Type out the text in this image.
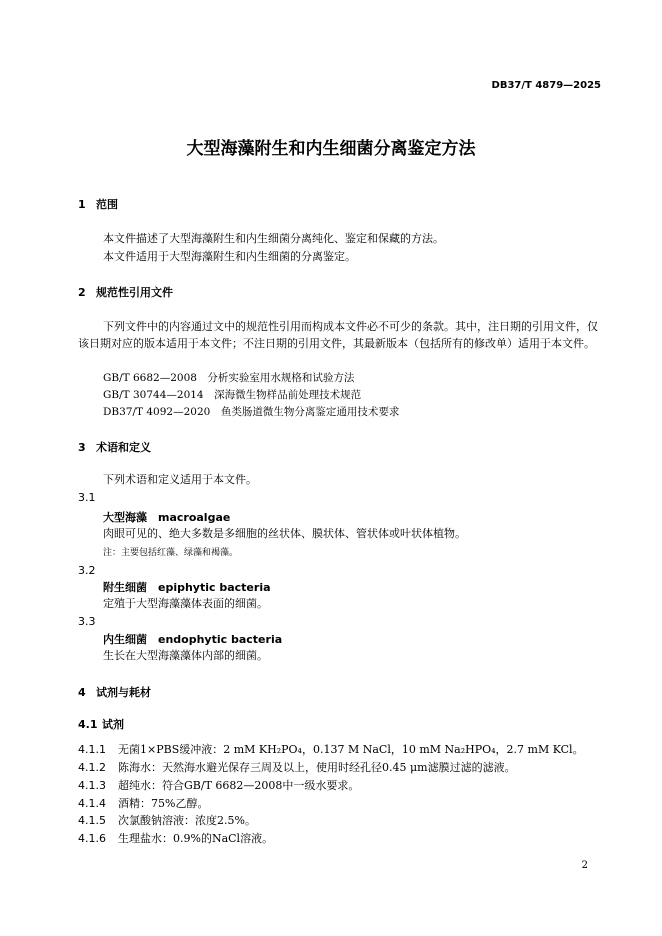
DB37/T 4879—2025
大型海藻附生和内生细菌分离鉴定方法
1 范围
本文件描述了大型海藻附生和内生细菌分离纯化、鉴定和保藏的方法。
本文件适用于大型海藻附生和内生细菌的分离鉴定。
2 规范性引用文件
下列文件中的内容通过文中的规范性引用而构成本文件必不可少的条款。其中，注日期的引用文件，仅该日期对应的版本适用于本文件；不注日期的引用文件，其最新版本（包括所有的修改单）适用于本文件。
GB/T 6682—2008　分析实验室用水规格和试验方法
GB/T 30744—2014　深海微生物样品前处理技术规范
DB37/T 4092—2020　鱼类肠道微生物分离鉴定通用技术要求
3 术语和定义
下列术语和定义适用于本文件。
3.1
大型海藻　macroalgae
肉眼可见的、绝大多数是多细胞的丝状体、膜状体、管状体或叶状体植物。
注：主要包括红藻、绿藻和褐藻。
3.2
附生细菌　epiphytic bacteria
定殖于大型海藻藻体表面的细菌。
3.3
内生细菌　endophytic bacteria
生长在大型海藻藻体内部的细菌。
4 试剂与耗材
4.1 试剂
4.1.1 无菌1×PBS缓冲液：2 mM KH₂PO₄，0.137 M NaCl，10 mM Na₂HPO₄，2.7 mM KCl。
4.1.2 陈海水：天然海水避光保存三周及以上，使用时经孔径0.45 μm滤膜过滤的滤液。
4.1.3 超纯水：符合GB/T 6682—2008中一级水要求。
4.1.4 酒精：75%乙醇。
4.1.5 次氯酸钠溶液：浓度2.5%。
4.1.6 生理盐水：0.9%的NaCl溶液。
2
